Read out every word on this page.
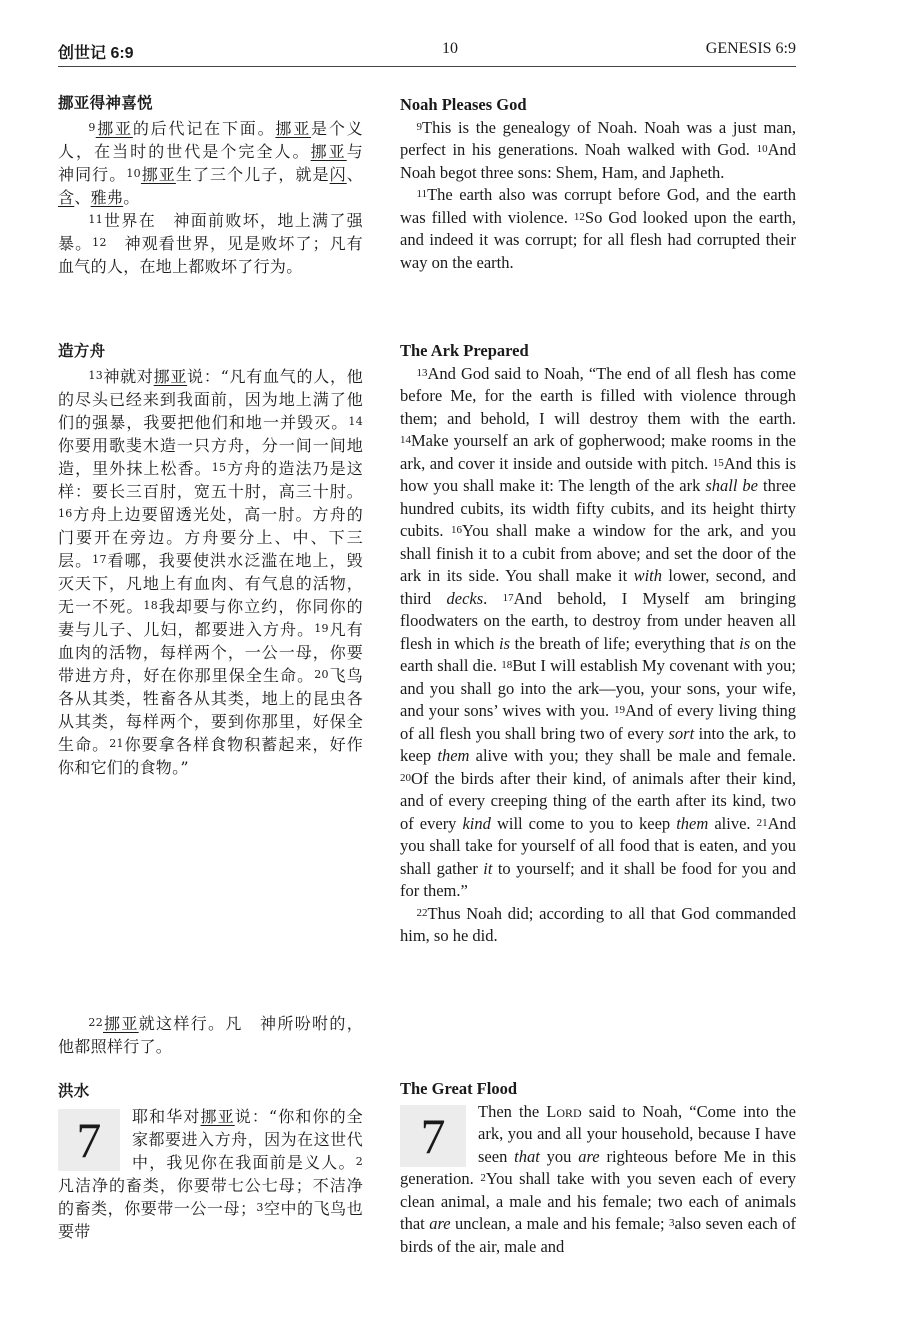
创世记 6:9	10	GENESIS 6:9
挪亚得神喜悦

9挪亚的后代记在下面。挪亚是个义人，在当时的世代是个完全人。挪亚与　神同行。10挪亚生了三个儿子，就是闪、含、雅弗。

11世界在　神面前败坏，地上满了强暴。12　神观看世界，见是败坏了；凡有血气的人，在地上都败坏了行为。

造方舟

13神就对挪亚说：“凡有血气的人，他的尽头已经来到我面前，因为地上满了他们的强暴，我要把他们和地一并毁灭。14你要用歌斐木造一只方舟，分一间一间地造，里外抹上松香。15方舟的造法乃是这样：要长三百肘，宽五十肘，高三十肘。16方舟上边要留透光处，高一肘。方舟的门要开在旁边。方舟要分上、中、下三层。17看哪，我要使洪水泛滥在地上，毁灭天下，凡地上有血肉、有气息的活物，无一不死。18我却要与你立约，你同你的妻与儿子、儿妇，都要进入方舟。19凡有血肉的活物，每样两个，一公一母，你要带进方舟，好在你那里保全生命。20飞鸟各从其类，牲畜各从其类，地上的昆虫各从其类，每样两个，要到你那里，好保全生命。21你要拿各样食物积蓄起来，好作你和它们的食物。”

22挪亚就这样行。凡　神所吩咐的，他都照样行了。

洪水

7	耶和华对挪亚说：“你和你的全家都要进入方舟，因为在这世代中，我见你在我面前是义人。2凡洁净的畜类，你要带七公七母；不洁净的畜类，你要带一公一母；3空中的飞鸟也要带

Noah Pleases God

9This is the genealogy of Noah. Noah was a just man, perfect in his generations. Noah walked with God. 10And Noah begot three sons: Shem, Ham, and Japheth.

11The earth also was corrupt before God, and the earth was filled with violence. 12So God looked upon the earth, and indeed it was corrupt; for all flesh had corrupted their way on the earth.

The Ark Prepared

13And God said to Noah, “The end of all flesh has come before Me, for the earth is filled with violence through them; and behold, I will destroy them with the earth. 14Make yourself an ark of gopherwood; make rooms in the ark, and cover it inside and outside with pitch. 15And this is how you shall make it: The length of the ark shall be three hundred cubits, its width fifty cubits, and its height thirty cubits. 16You shall make a window for the ark, and you shall finish it to a cubit from above; and set the door of the ark in its side. You shall make it with lower, second, and third decks. 17And behold, I Myself am bringing floodwaters on the earth, to destroy from under heaven all flesh in which is the breath of life; everything that is on the earth shall die. 18But I will establish My covenant with you; and you shall go into the ark—you, your sons, your wife, and your sons’ wives with you. 19And of every living thing of all flesh you shall bring two of every sort into the ark, to keep them alive with you; they shall be male and female. 20Of the birds after their kind, of animals after their kind, and of every creeping thing of the earth after its kind, two of every kind will come to you to keep them alive. 21And you shall take for yourself of all food that is eaten, and you shall gather it to yourself; and it shall be food for you and for them.”

22Thus Noah did; according to all that God commanded him, so he did.

The Great Flood

7	Then the Lord said to Noah, “Come into the ark, you and all your household, because I have seen that you are righteous before Me in this generation. 2You shall take with you seven each of every clean animal, a male and his female; two each of animals that are unclean, a male and his female; 3also seven each of birds of the air, male and
